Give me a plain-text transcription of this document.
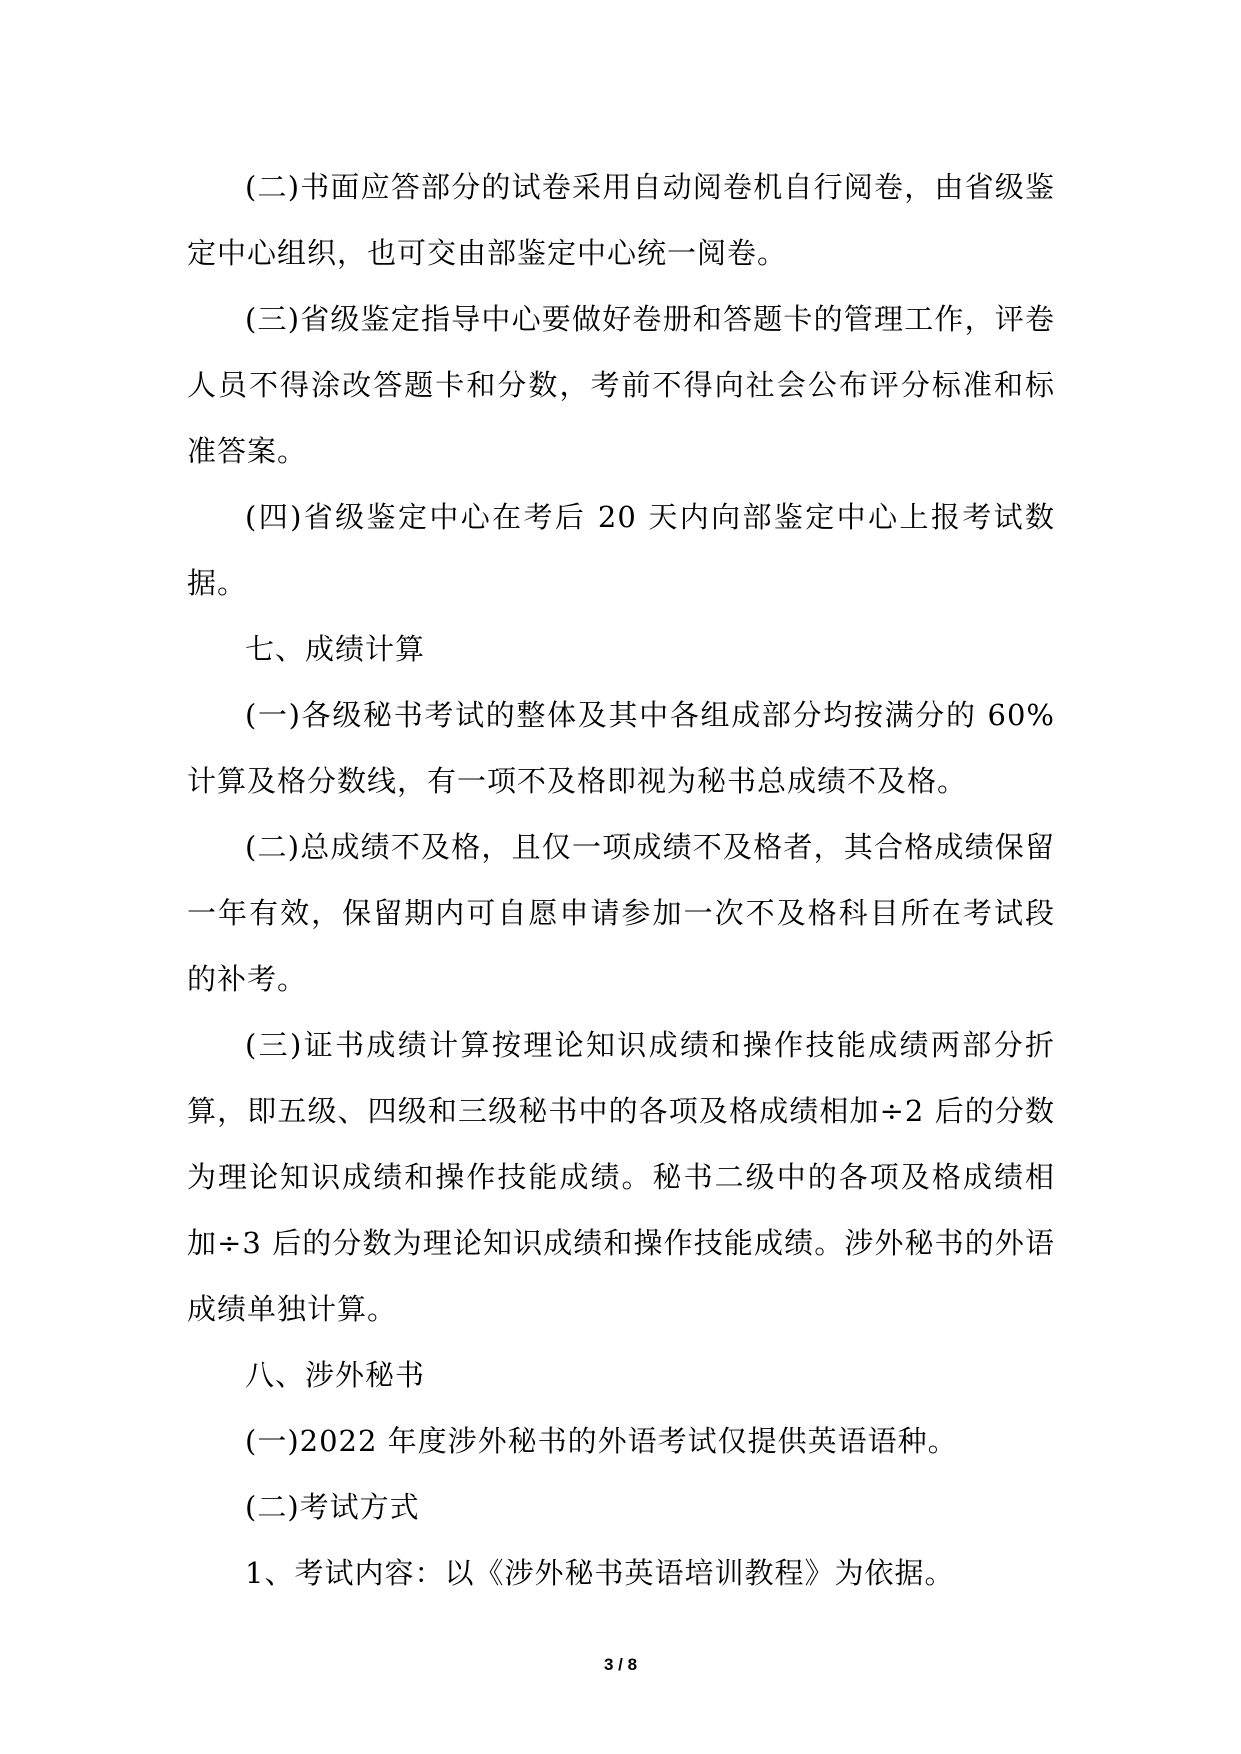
(二)书面应答部分的试卷采用自动阅卷机自行阅卷，由省级鉴定中心组织，也可交由部鉴定中心统一阅卷。

(三)省级鉴定指导中心要做好卷册和答题卡的管理工作，评卷人员不得涂改答题卡和分数，考前不得向社会公布评分标准和标准答案。

(四)省级鉴定中心在考后 20 天内向部鉴定中心上报考试数据。

七、成绩计算

(一)各级秘书考试的整体及其中各组成部分均按满分的 60%计算及格分数线，有一项不及格即视为秘书总成绩不及格。

(二)总成绩不及格，且仅一项成绩不及格者，其合格成绩保留一年有效，保留期内可自愿申请参加一次不及格科目所在考试段的补考。

(三)证书成绩计算按理论知识成绩和操作技能成绩两部分折算，即五级、四级和三级秘书中的各项及格成绩相加÷2 后的分数为理论知识成绩和操作技能成绩。秘书二级中的各项及格成绩相加÷3 后的分数为理论知识成绩和操作技能成绩。涉外秘书的外语成绩单独计算。

八、涉外秘书

(一)2022 年度涉外秘书的外语考试仅提供英语语种。

(二)考试方式

1、考试内容：以《涉外秘书英语培训教程》为依据。

3 / 8
